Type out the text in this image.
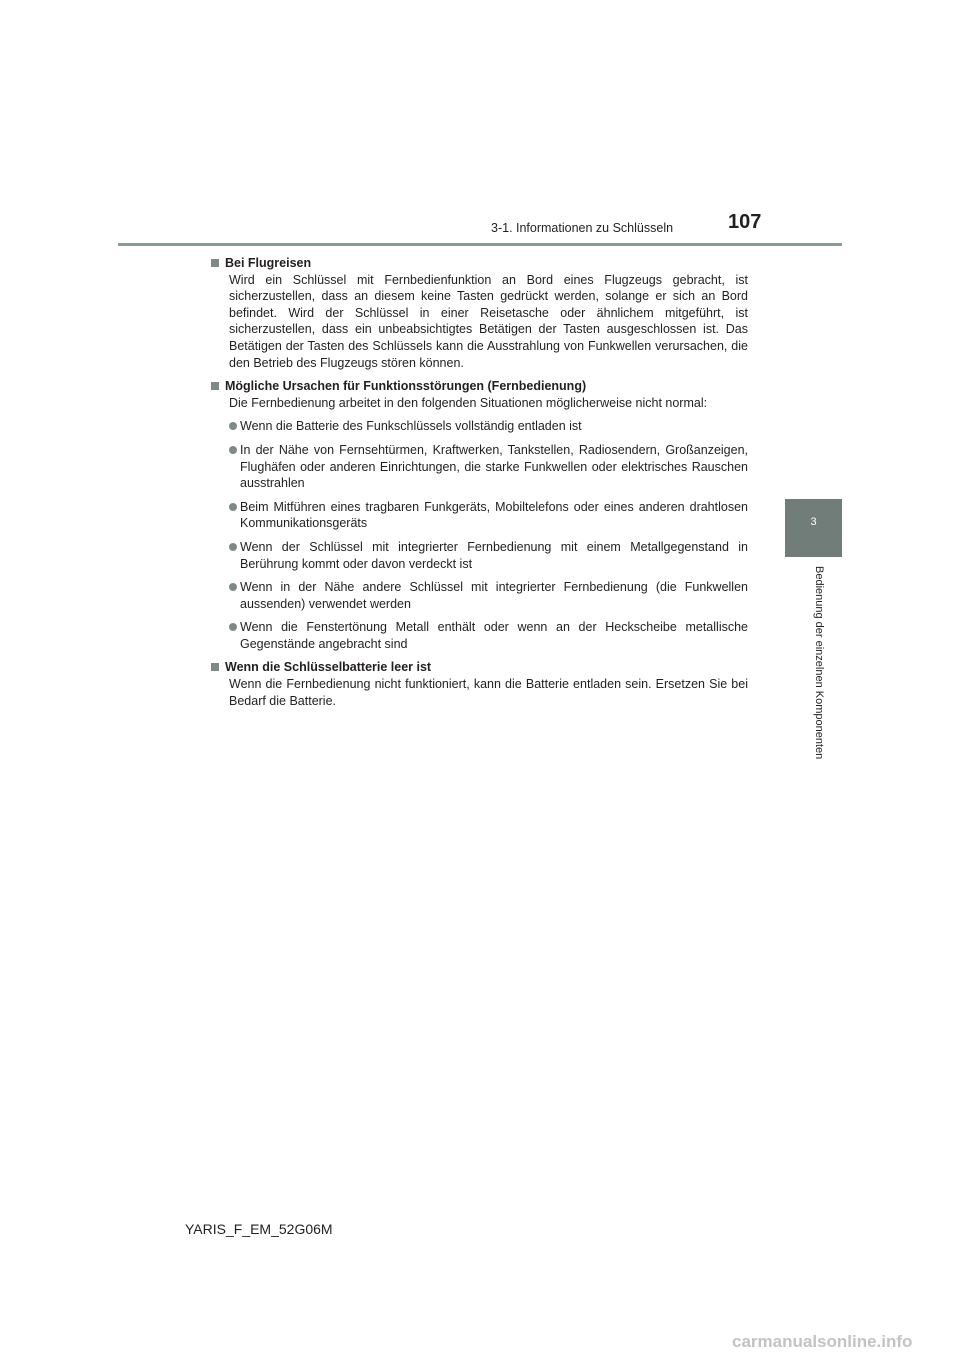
3-1. Informationen zu Schlüsseln	107
3
Bedienung der einzelnen Komponenten

Bei Flugreisen

Wird ein Schlüssel mit Fernbedienfunktion an Bord eines Flugzeugs gebracht, ist sicherzustellen, dass an diesem keine Tasten gedrückt werden, solange er sich an Bord befindet. Wird der Schlüssel in einer Reisetasche oder ähnlichem mitgeführt, ist sicherzustellen, dass ein unbeabsichtigtes Betätigen der Tasten ausgeschlossen ist. Das Betätigen der Tasten des Schlüssels kann die Ausstrahlung von Funkwellen verursachen, die den Betrieb des Flugzeugs stören können.

Mögliche Ursachen für Funktionsstörungen (Fernbedienung)

Die Fernbedienung arbeitet in den folgenden Situationen möglicherweise nicht normal:

Wenn die Batterie des Funkschlüssels vollständig entladen ist
In der Nähe von Fernsehtürmen, Kraftwerken, Tankstellen, Radiosendern, Großanzeigen, Flughäfen oder anderen Einrichtungen, die starke Funkwellen oder elektrisches Rauschen ausstrahlen
Beim Mitführen eines tragbaren Funkgeräts, Mobiltelefons oder eines anderen drahtlosen Kommunikationsgeräts
Wenn der Schlüssel mit integrierter Fernbedienung mit einem Metallgegenstand in Berührung kommt oder davon verdeckt ist
Wenn in der Nähe andere Schlüssel mit integrierter Fernbedienung (die Funkwellen aussenden) verwendet werden
Wenn die Fenstertönung Metall enthält oder wenn an der Heckscheibe metallische Gegenstände angebracht sind

Wenn die Schlüsselbatterie leer ist

Wenn die Fernbedienung nicht funktioniert, kann die Batterie entladen sein. Ersetzen Sie bei Bedarf die Batterie.

YARIS_F_EM_52G06M
carmanualsonline.info
